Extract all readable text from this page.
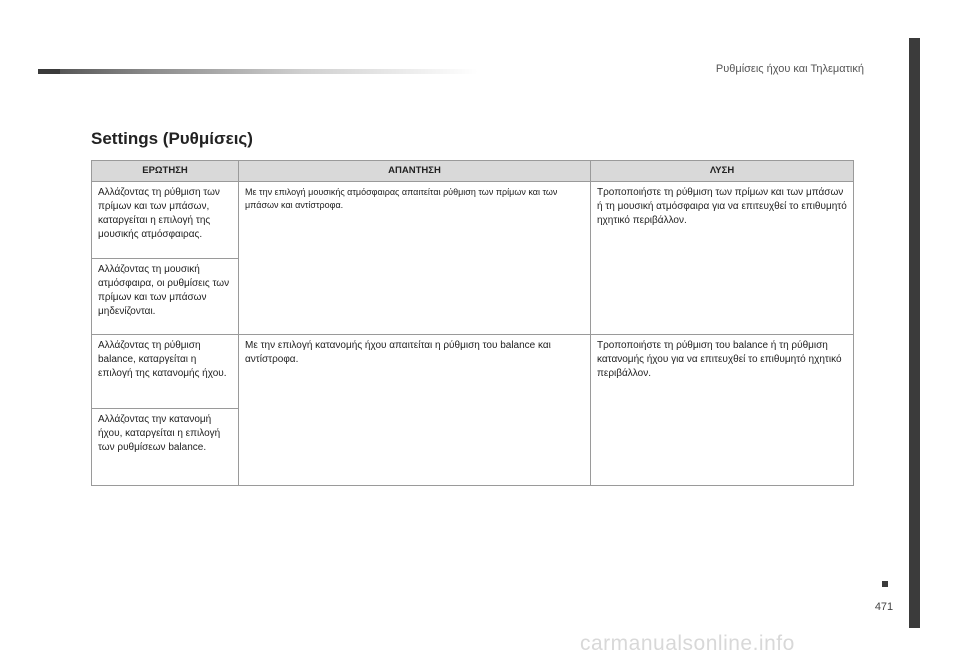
Ρυθμίσεις ήχου και Τηλεματική
471
Settings (Ρυθμίσεις)
ΕΡΩΤΗΣΗ	ΑΠΑΝΤΗΣΗ	ΛΥΣΗ
Αλλάζοντας τη ρύθμιση των πρίμων και των μπάσων, καταργείται η επιλογή της μουσικής ατμόσφαιρας.	Με την επιλογή μουσικής ατμόσφαιρας απαιτείται ρύθμιση των πρίμων και των μπάσων και αντίστροφα.	Τροποποιήστε τη ρύθμιση των πρίμων και των μπάσων ή τη μουσική ατμόσφαιρα για να επιτευχθεί το επιθυμητό ηχητικό περιβάλλον.
Αλλάζοντας τη μουσική ατμόσφαιρα, οι ρυθμίσεις των πρίμων και των μπάσων μηδενίζονται.		
Αλλάζοντας τη ρύθμιση balance, καταργείται η επιλογή της κατανομής ήχου.	Με την επιλογή κατανομής ήχου απαιτείται η ρύθμιση του balance και αντίστροφα.	Τροποποιήστε τη ρύθμιση του balance ή τη ρύθμιση κατανομής ήχου για να επιτευχθεί το επιθυμητό ηχητικό περιβάλλον.
Αλλάζοντας την κατανομή ήχου, καταργείται η επιλογή των ρυθμίσεων balance.		
carmanualsonline.info
